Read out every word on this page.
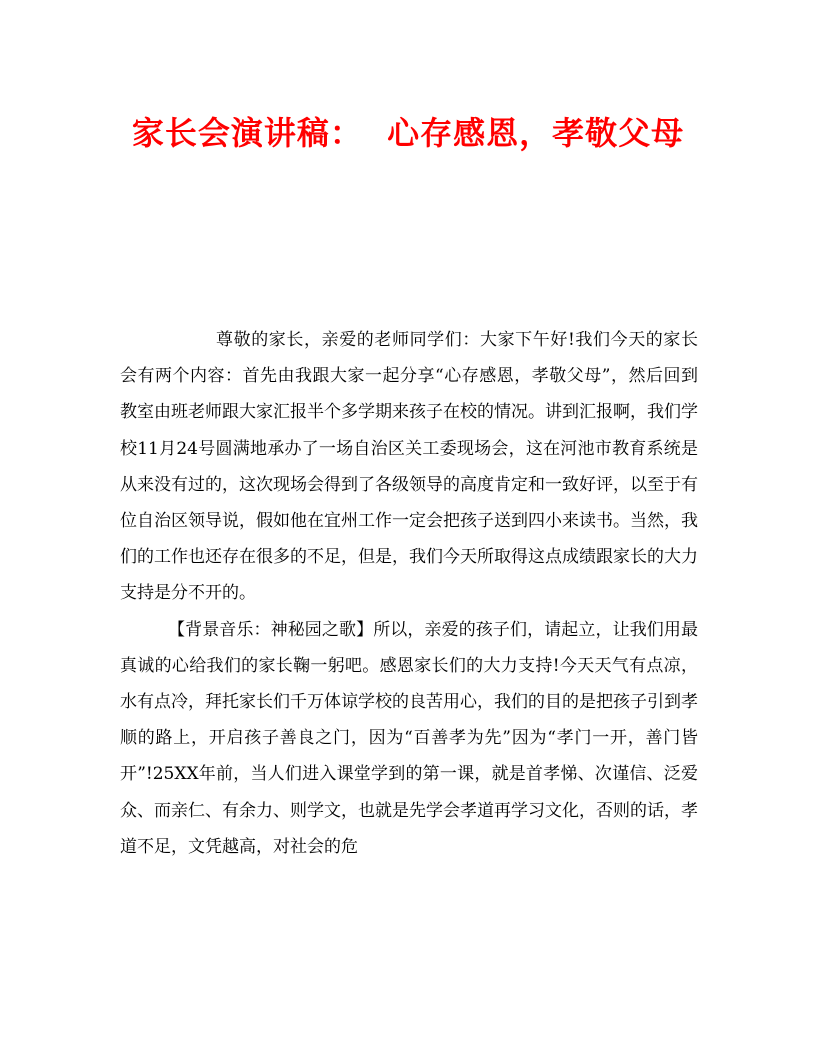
家长会演讲稿：  心存感恩，孝敬父母

尊敬的家长，亲爱的老师同学们：大家下午好!我们今天的家长会有两个内容：首先由我跟大家一起分享“心存感恩，孝敬父母”，然后回到教室由班老师跟大家汇报半个多学期来孩子在校的情况。讲到汇报啊，我们学校11月24号圆满地承办了一场自治区关工委现场会，这在河池市教育系统是从来没有过的，这次现场会得到了各级领导的高度肯定和一致好评，以至于有位自治区领导说，假如他在宜州工作一定会把孩子送到四小来读书。当然，我们的工作也还存在很多的不足，但是，我们今天所取得这点成绩跟家长的大力支持是分不开的。

【背景音乐：神秘园之歌】所以，亲爱的孩子们，请起立，让我们用最真诚的心给我们的家长鞠一躬吧。感恩家长们的大力支持!今天天气有点凉，水有点冷，拜托家长们千万体谅学校的良苦用心，我们的目的是把孩子引到孝顺的路上，开启孩子善良之门，因为“百善孝为先”因为“孝门一开，善门皆开”!25XX年前，当人们进入课堂学到的第一课，就是首孝悌、次谨信、泛爱众、而亲仁、有余力、则学文，也就是先学会孝道再学习文化，否则的话，孝道不足，文凭越高，对社会的危
